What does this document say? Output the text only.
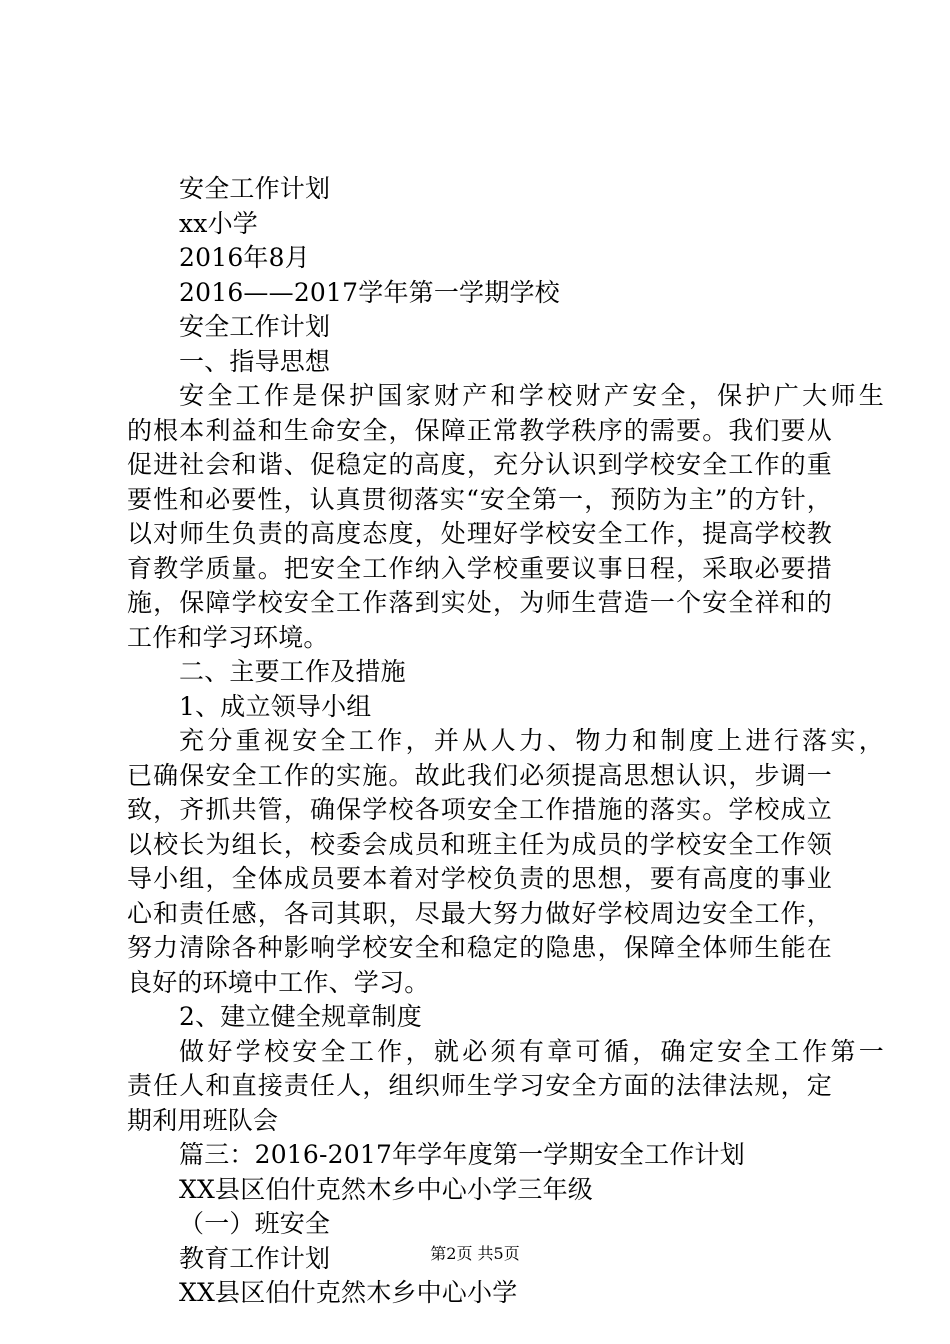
安全工作计划
xx小学
2016年8月
2016——2017学年第一学期学校
安全工作计划
一、指导思想
安全工作是保护国家财产和学校财产安全，保护广大师生
的根本利益和生命安全，保障正常教学秩序的需要。我们要从
促进社会和谐、促稳定的高度，充分认识到学校安全工作的重
要性和必要性，认真贯彻落实“安全第一，预防为主”的方针，
以对师生负责的高度态度，处理好学校安全工作，提高学校教
育教学质量。把安全工作纳入学校重要议事日程，采取必要措
施，保障学校安全工作落到实处，为师生营造一个安全祥和的
工作和学习环境。
二、主要工作及措施
1、成立领导小组
充分重视安全工作，并从人力、物力和制度上进行落实，
已确保安全工作的实施。故此我们必须提高思想认识，步调一
致，齐抓共管，确保学校各项安全工作措施的落实。学校成立
以校长为组长，校委会成员和班主任为成员的学校安全工作领
导小组，全体成员要本着对学校负责的思想，要有高度的事业
心和责任感，各司其职，尽最大努力做好学校周边安全工作，
努力清除各种影响学校安全和稳定的隐患，保障全体师生能在
良好的环境中工作、学习。
2、建立健全规章制度
做好学校安全工作，就必须有章可循，确定安全工作第一
责任人和直接责任人，组织师生学习安全方面的法律法规，定
期利用班队会
篇三：2016-2017年学年度第一学期安全工作计划
XX县区伯什克然木乡中心小学三年级
（一）班安全
教育工作计划
XX县区伯什克然木乡中心小学
第2页 共5页
